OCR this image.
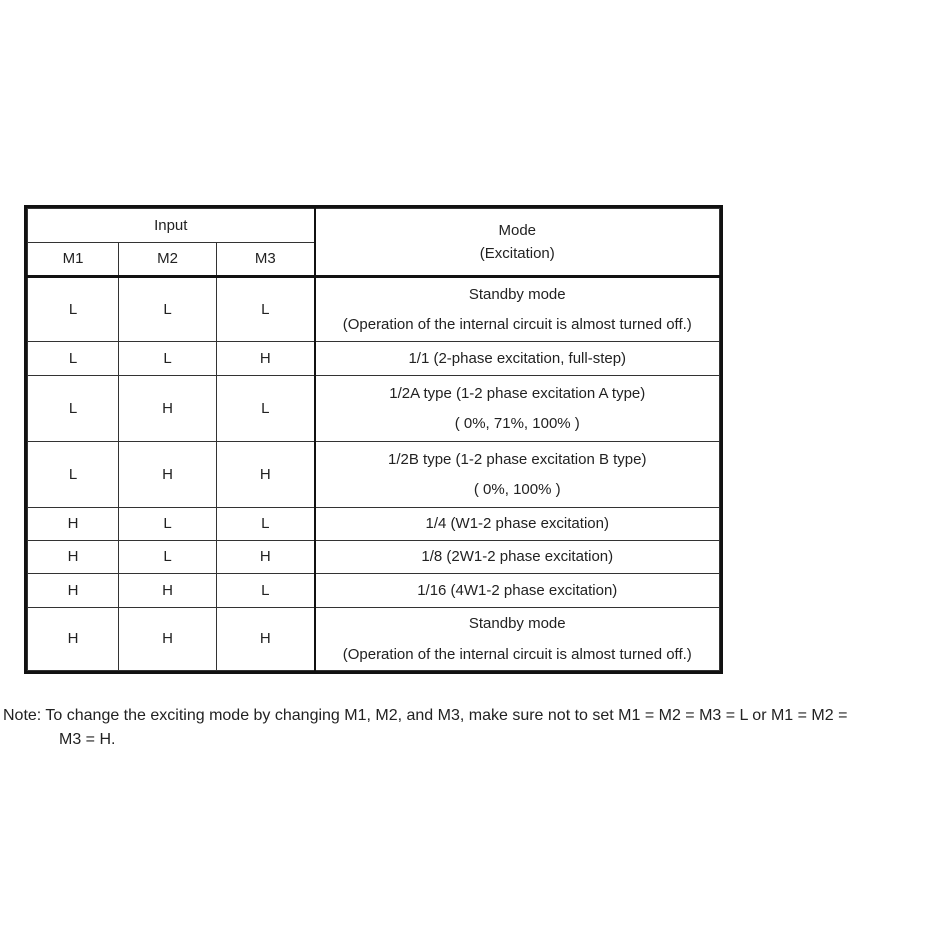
Input			Mode
(Excitation)

M1	M2	M3	
L	L	L	Standby mode
(Operation of the internal circuit is almost turned off.)

L	L	H	1/1 (2-phase excitation, full-step)
L	H	L	1/2A type (1-2 phase excitation A type)
( 0%, 71%, 100% )

L	H	H	1/2B type (1-2 phase excitation B type)
( 0%, 100% )

H	L	L	1/4 (W1-2 phase excitation)
H	L	H	1/8 (2W1-2 phase excitation)
H	H	L	1/16 (4W1-2 phase excitation)
H	H	H	Standby mode
(Operation of the internal circuit is almost turned off.)
Note: To change the exciting mode by changing M1, M2, and M3, make sure not to set M1 = M2 = M3 = L or M1 = M2 =
M3 = H.
